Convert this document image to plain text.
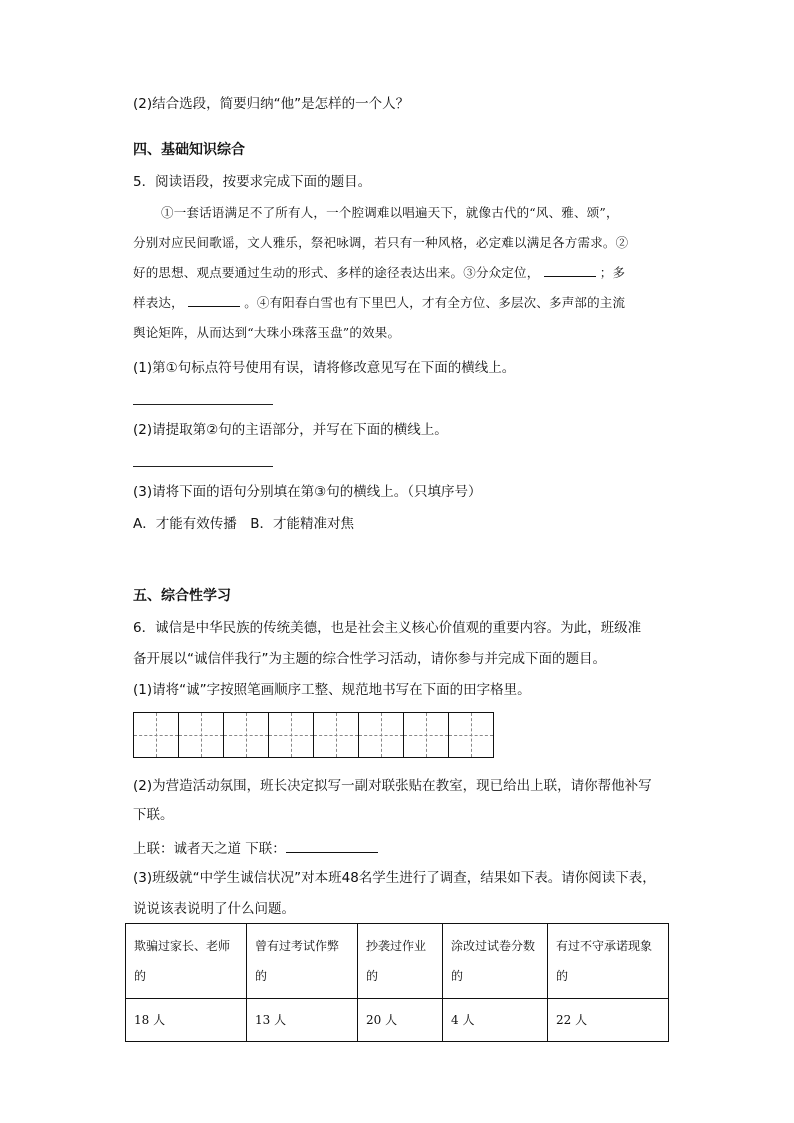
(2)结合选段，简要归纳“他”是怎样的一个人？
四、基础知识综合
5．阅读语段，按要求完成下面的题目。
①一套话语满足不了所有人，一个腔调难以唱遍天下，就像古代的“风、雅、颂”，
分别对应民间歌谣，文人雅乐，祭祀咏调，若只有一种风格，必定难以满足各方需求。②
好的思想、观点要通过生动的形式、多样的途径表达出来。③分众定位，	；多
样表达，	。④有阳春白雪也有下里巴人，才有全方位、多层次、多声部的主流
舆论矩阵，从而达到“大珠小珠落玉盘”的效果。
(1)第①句标点符号使用有误，请将修改意见写在下面的横线上。
(2)请提取第②句的主语部分，并写在下面的横线上。
(3)请将下面的语句分别填在第③句的横线上。（只填序号）
A．才能有效传播　B．才能精准对焦
五、综合性学习
6．诚信是中华民族的传统美德，也是社会主义核心价值观的重要内容。为此，班级准
备开展以“诚信伴我行”为主题的综合性学习活动，请你参与并完成下面的题目。
(1)请将“诚”字按照笔画顺序工整、规范地书写在下面的田字格里。
(2)为营造活动氛围，班长决定拟写一副对联张贴在教室，现已给出上联，请你帮他补写
下联。
上联：诚者天之道 下联：
(3)班级就“中学生诚信状况”对本班48名学生进行了调查，结果如下表。请你阅读下表，
说说该表说明了什么问题。
欺骗过家长、老师的	曾有过考试作弊的	抄袭过作业的	涂改过试卷分数的	有过不守承诺现象的
18 人	13 人	20 人	4 人	22 人
